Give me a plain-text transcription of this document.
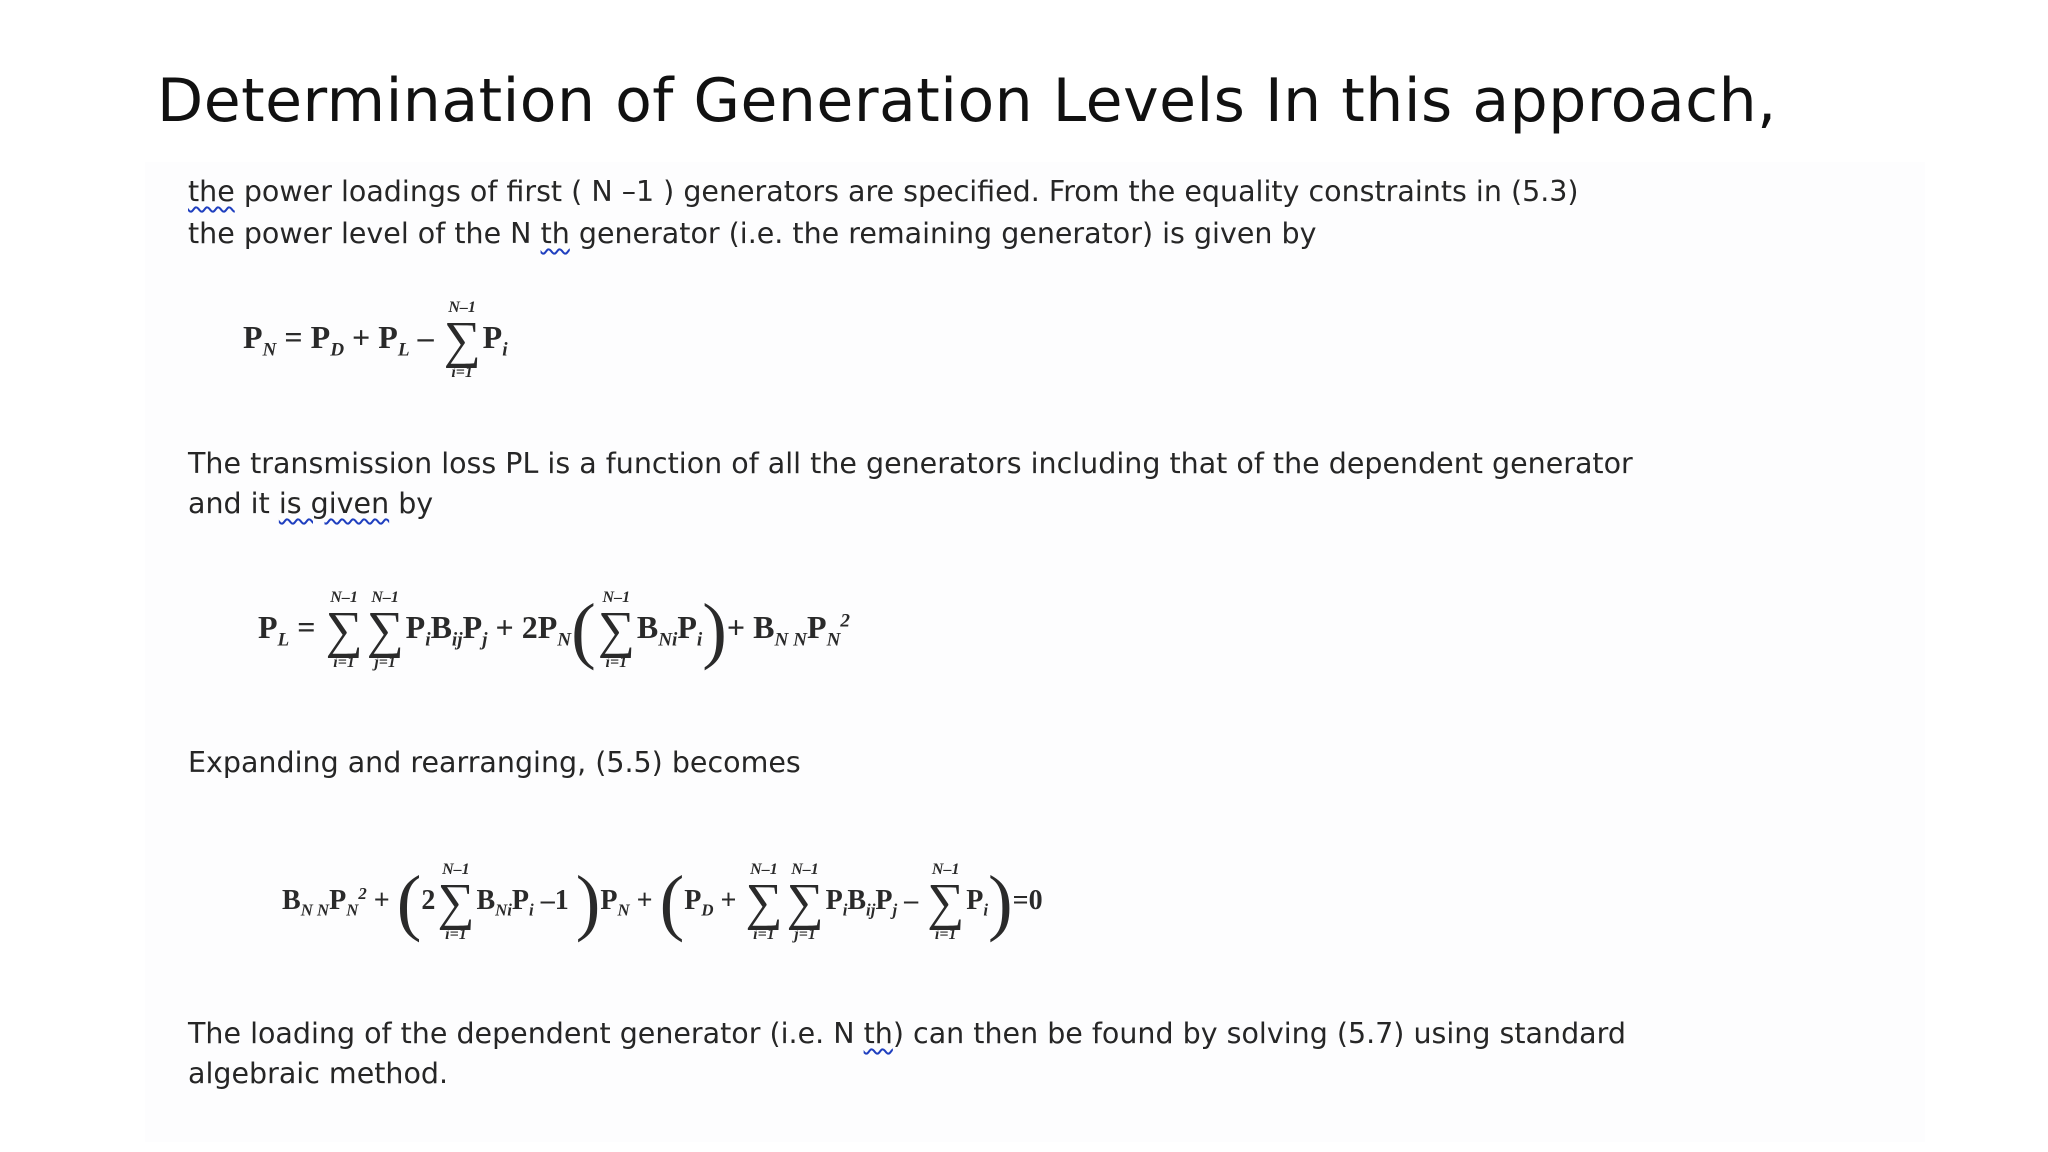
Determination of Generation Levels In this approach,
the power loadings of first ( N –1 ) generators are specified. From the equality constraints in (5.3)
the power level of the N th generator (i.e. the remaining generator) is given by
$P_N = P_D + P_L$ –
N–1
∑
i=1
$P_i$
The transmission loss PL is a function of all the generators including that of the dependent generator
and it is given by
$P_L$ =
N–1
∑
i=1
N–1
∑
j=1
$P_iB_{ij}P_j + 2P_N$( N–1
∑
i=1
$B_{Ni}P_i)+ B_{N N}P_N^2$
Expanding and rearranging, (5.5) becomes
$B_{N N}P_N^2 + (2$
N–1
∑
i=1
$B_{Ni}P_i$ –1 )$P_N + (P_D$ +
N–1
∑
i=1
N–1
∑
j=1
$P_iB_{ij}P_j$ –
N–1
∑
i=1
$P_i)=0$
The loading of the dependent generator (i.e. N th) can then be found by solving (5.7) using standard
algebraic method.
